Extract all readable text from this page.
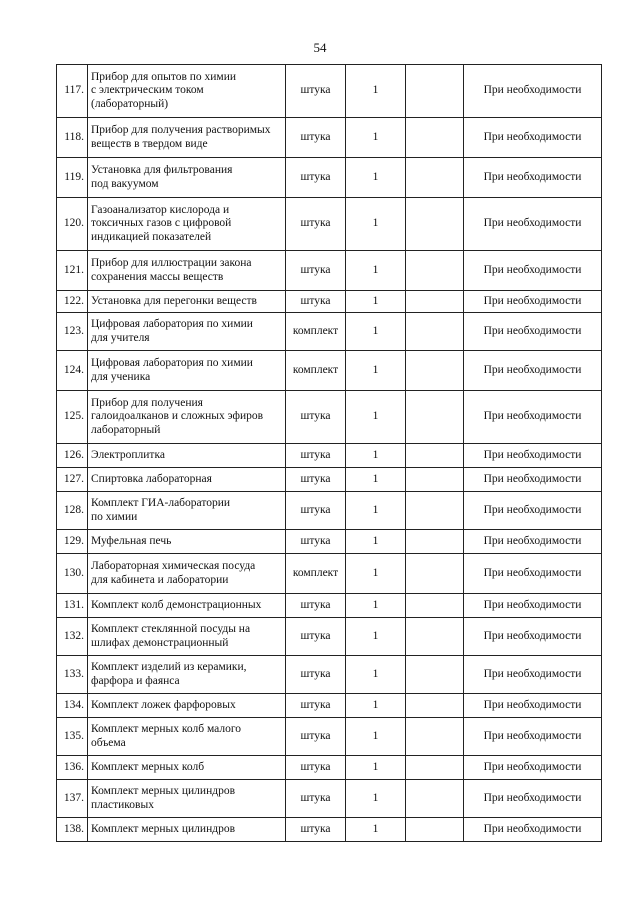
54
117.	Прибор для опытов по химии
с электрическим током
(лабораторный)	штука	1		При необходимости
118.	Прибор для получения растворимых
веществ в твердом виде	штука	1		При необходимости
119.	Установка для фильтрования
под вакуумом	штука	1		При необходимости
120.	Газоанализатор кислорода и
токсичных газов с цифровой
индикацией показателей	штука	1		При необходимости
121.	Прибор для иллюстрации закона
сохранения массы веществ	штука	1		При необходимости
122.	Установка для перегонки веществ	штука	1		При необходимости
123.	Цифровая лаборатория по химии
для учителя	комплект	1		При необходимости
124.	Цифровая лаборатория по химии
для ученика	комплект	1		При необходимости
125.	Прибор для получения
галоидоалканов и сложных эфиров
лабораторный	штука	1		При необходимости
126.	Электроплитка	штука	1		При необходимости
127.	Спиртовка лабораторная	штука	1		При необходимости
128.	Комплект ГИА-лаборатории
по химии	штука	1		При необходимости
129.	Муфельная печь	штука	1		При необходимости
130.	Лабораторная химическая посуда
для кабинета и лаборатории	комплект	1		При необходимости
131.	Комплект колб демонстрационных	штука	1		При необходимости
132.	Комплект стеклянной посуды на
шлифах демонстрационный	штука	1		При необходимости
133.	Комплект изделий из керамики,
фарфора и фаянса	штука	1		При необходимости
134.	Комплект ложек фарфоровых	штука	1		При необходимости
135.	Комплект мерных колб малого
объема	штука	1		При необходимости
136.	Комплект мерных колб	штука	1		При необходимости
137.	Комплект мерных цилиндров
пластиковых	штука	1		При необходимости
138.	Комплект мерных цилиндров	штука	1		При необходимости
